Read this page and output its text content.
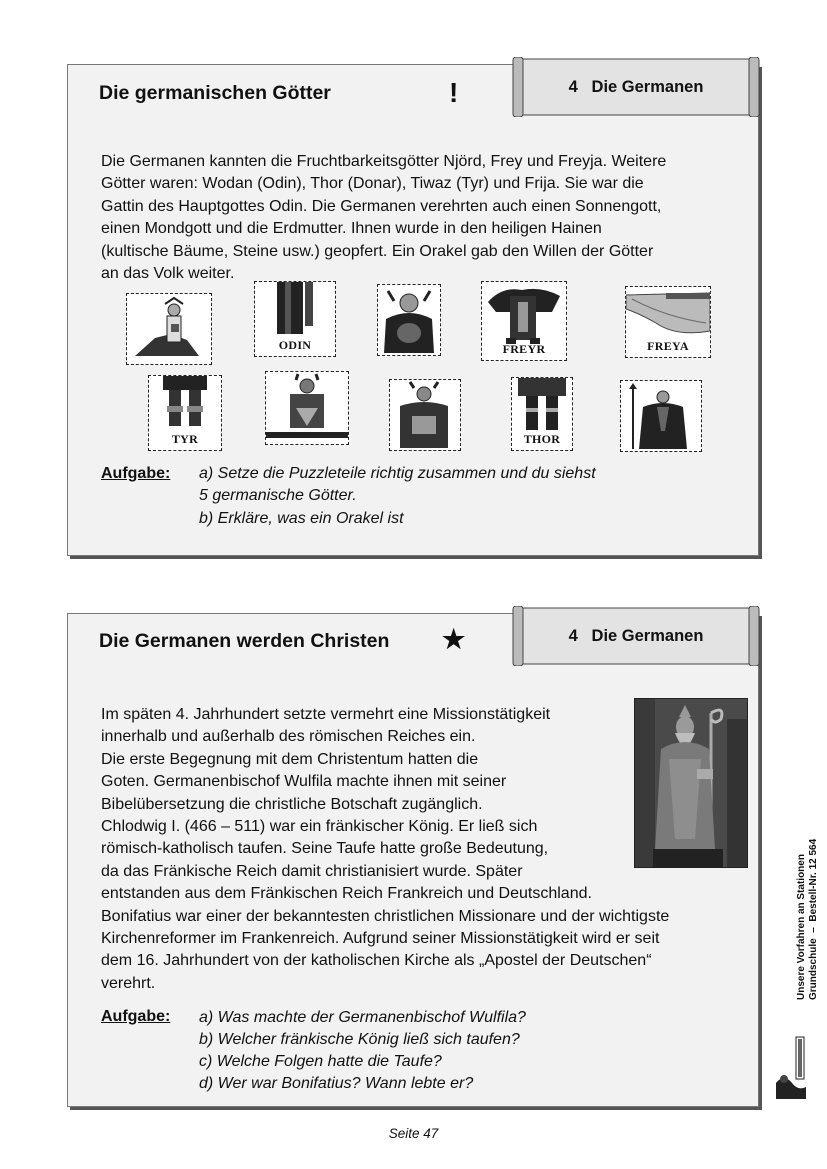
Die germanischen Götter	!

Die Germanen kannten die Fruchtbarkeitsgötter Njörd, Frey und Freyja. Weitere
Götter waren: Wodan (Odin), Thor (Donar), Tiwaz (Tyr) und Frija. Sie war die
Gattin des Hauptgottes Odin. Die Germanen verehrten auch einen Sonnengott,
einen Mondgott und die Erdmutter. Ihnen wurde in den heiligen Hainen
(kultische Bäume, Steine usw.) geopfert. Ein Orakel gab den Willen der Götter
an das Volk weiter.

ODIN	FREYR	FREYA
TYR	THOR
Aufgabe: a) Setze die Puzzleteile richtig zusammen und du siehst
5 germanische Götter.
b) Erkläre, was ein Orakel ist
4   Die Germanen
Die Germanen werden Christen ★

Im späten 4. Jahrhundert setzte vermehrt eine Missionstätigkeit
innerhalb und außerhalb des römischen Reiches ein.
Die erste Begegnung mit dem Christentum hatten die
Goten. Germanenbischof Wulfila machte ihnen mit seiner
Bibelübersetzung die christliche Botschaft zugänglich.
Chlodwig I. (466 – 511) war ein fränkischer König. Er ließ sich
römisch-katholisch taufen. Seine Taufe hatte große Bedeutung,
da das Fränkische Reich damit christianisiert wurde. Später
entstanden aus dem Fränkischen Reich Frankreich und Deutschland.
Bonifatius war einer der bekanntesten christlichen Missionare und der wichtigste
Kirchenreformer im Frankenreich. Aufgrund seiner Missionstätigkeit wird er seit
dem 16. Jahrhundert von der katholischen Kirche als „Apostel der Deutschen“
verehrt.

Aufgabe: a) Was machte der Germanenbischof Wulfila?
b) Welcher fränkische König ließ sich taufen?
c) Welche Folgen hatte die Taufe?
d) Wer war Bonifatius? Wann lebte er?
4   Die Germanen
Unsere Vorfahren an Stationen Grundschule  –  Bestell-Nr. 12 564
Seite 47
